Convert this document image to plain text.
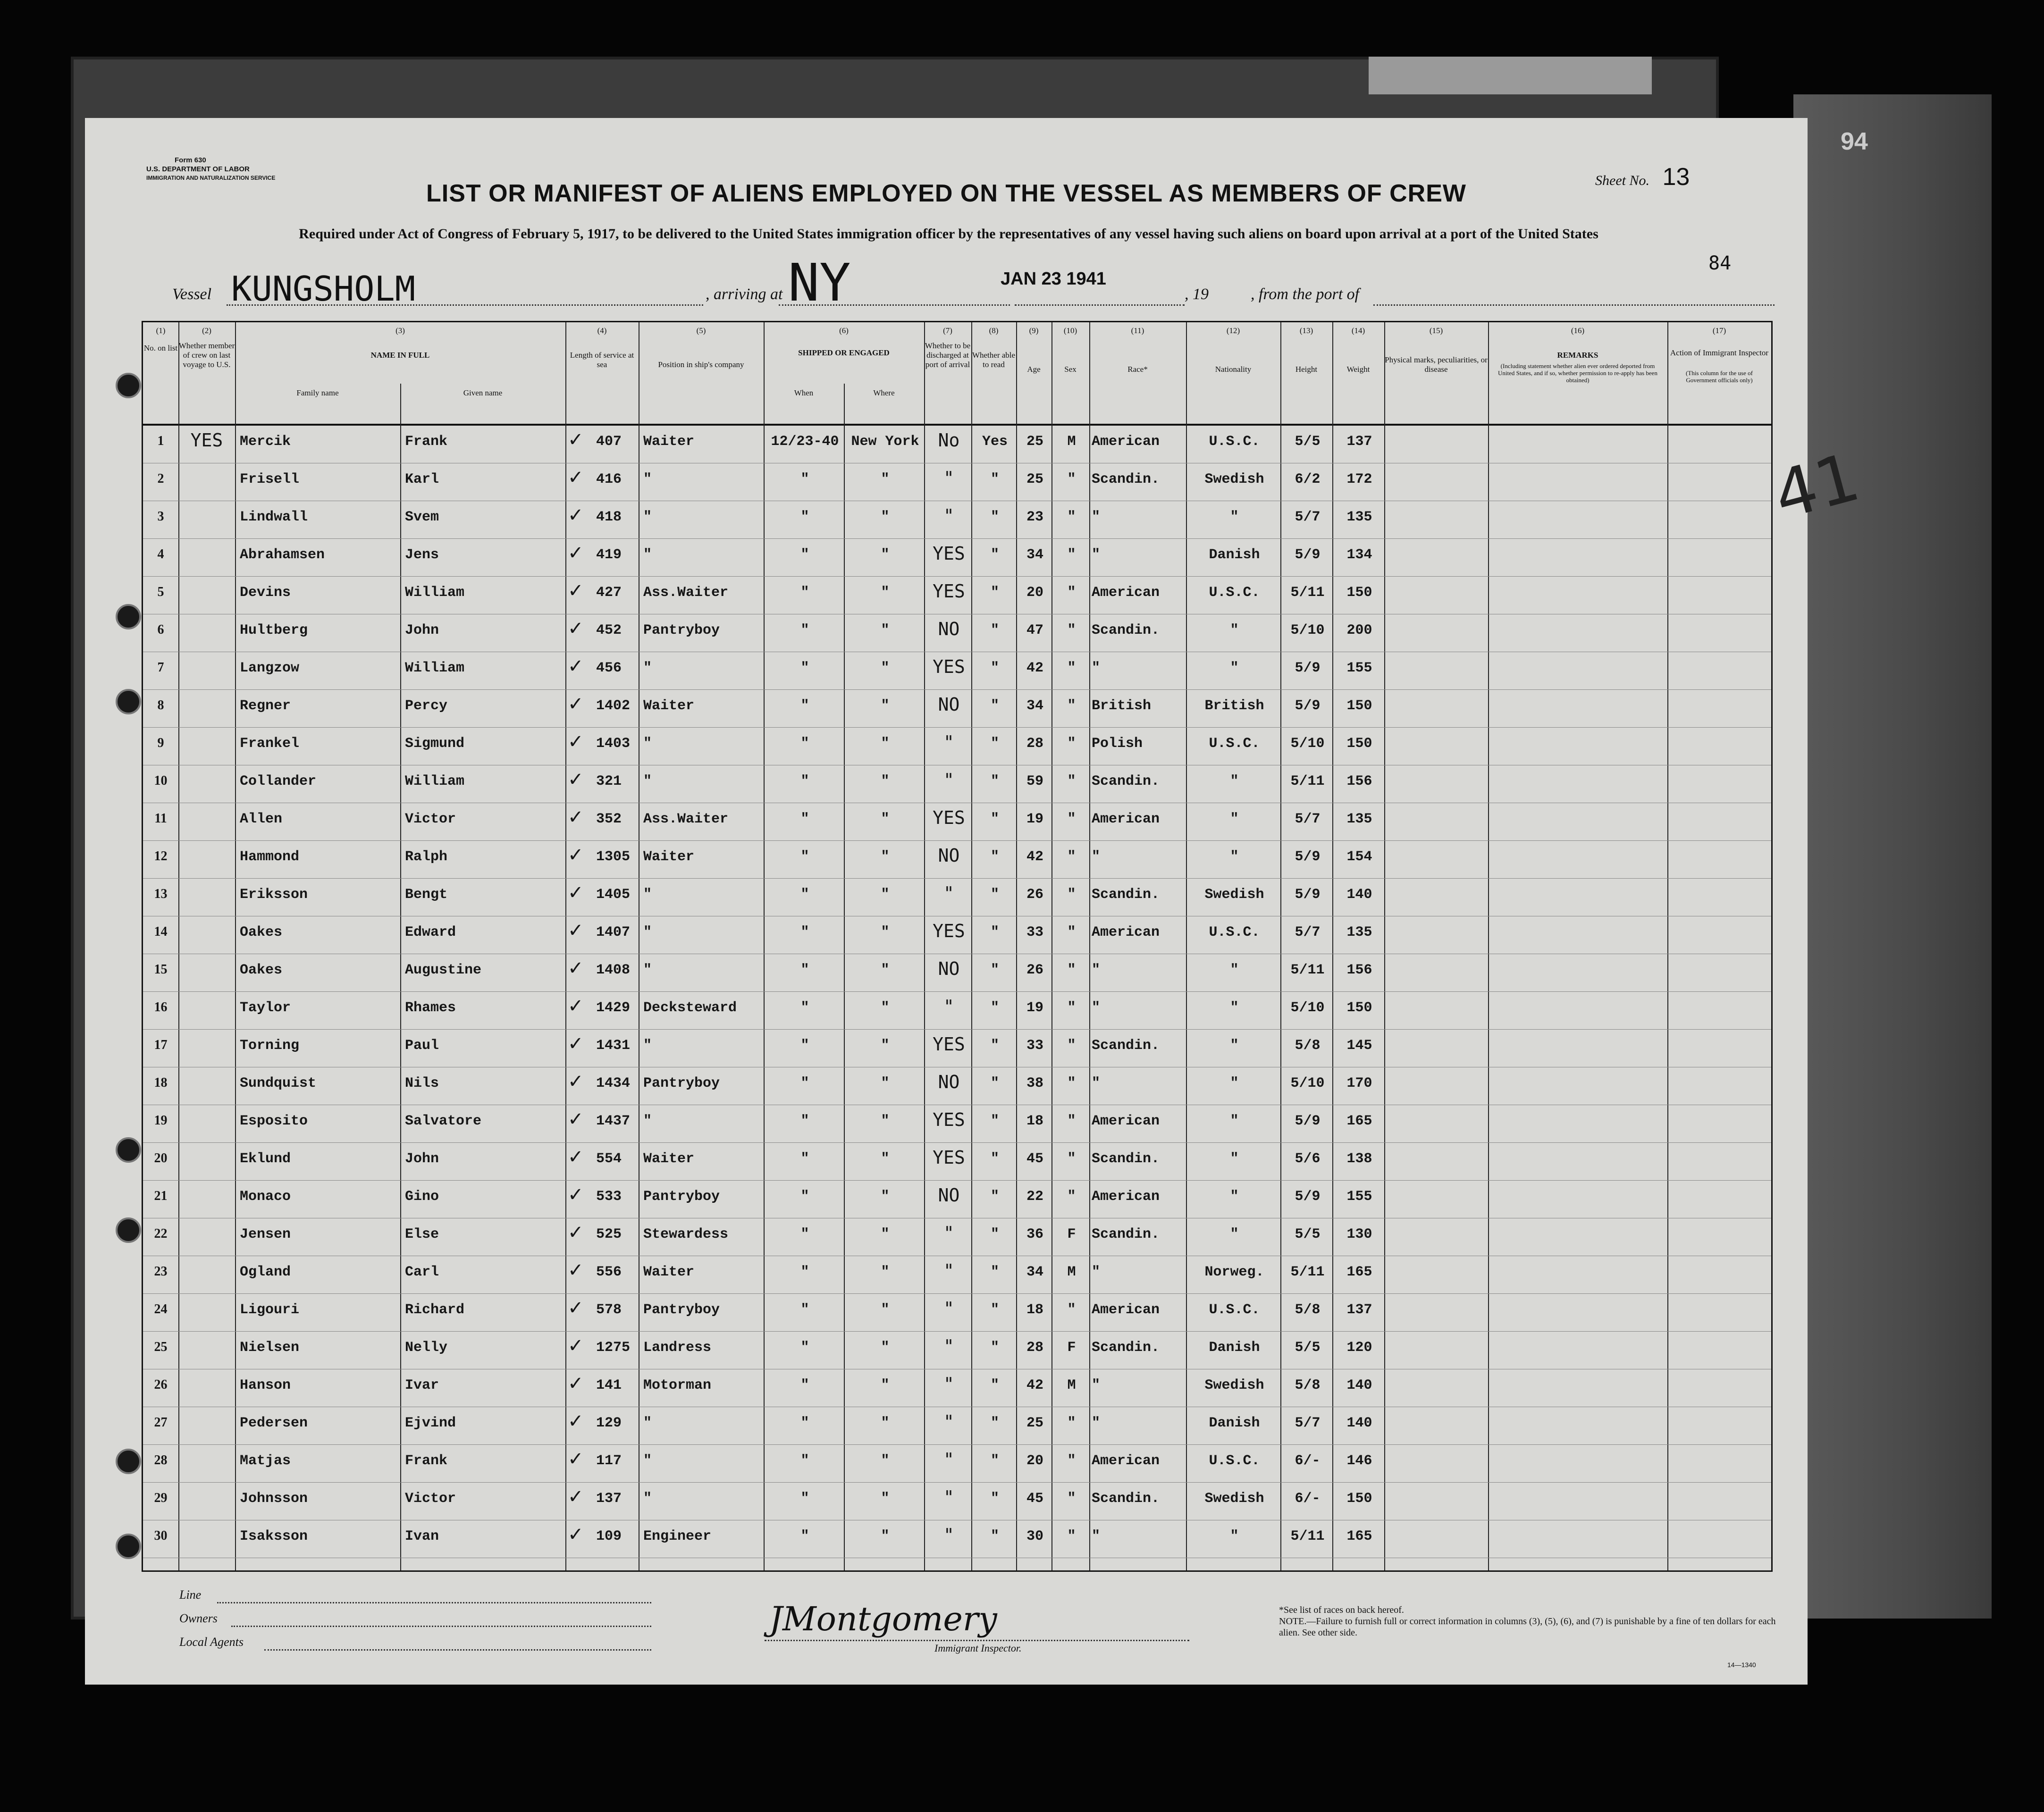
94
Form 630
U.S. DEPARTMENT OF LABOR
IMMIGRATION AND NATURALIZATION SERVICE	Sheet No. 13
LIST OR MANIFEST OF ALIENS EMPLOYED ON THE VESSEL AS MEMBERS OF CREW
Required under Act of Congress of February 5, 1917, to be delivered to the United States immigration officer by the representatives of any vessel having such aliens on board upon arrival at a port of the United States
Vessel KUNGSHOLM	, arriving at NY	JAN 23 1941
, 19	, from the port of
84
(1)	(2)	(3)	(4)	(5)	(6)	(7)	(8)	(9)	(10)	(11)	(12)	(13)	(14)	(15)	(16)	(17)
No. on list Whether member of crew on last voyage to U.S.
NAME IN FULL
Family name	Given name
Length of service at sea	Position in ship's company
SHIPPED OR ENGAGED
When	Where
Whether to be discharged at port of arrival
Whether able to read
Age	Sex	Race*	Nationality	Height	Weight
Physical marks, peculiarities, or disease
REMARKS
(Including statement whether alien ever ordered deported from United States, and if so, whether permission to re-apply has been obtained)
Action of Immigrant Inspector
(This column for the use of Government officials only)
✓
1	YES	Mercik	Frank	407	Waiter	12/23-40 New York	No	Yes	25	M	American	U.S.C.	5/5	137
✓
2	Frisell	Karl	416	"	"	"	"	"	25	"	Scandin.	Swedish	6/2	172
✓
3	Lindwall	Svem	418	"	"	"	"	"	23	"	"	"	5/7	135
✓
4	Abrahamsen	Jens	419	"	"	"	YES	"	34	"	"	Danish	5/9	134
✓
5	Devins	William	427	Ass.Waiter	"	"	YES	"	20	"	American	U.S.C.	5/11	150
✓
6	Hultberg	John	452	Pantryboy	"	"	NO	"	47	"	Scandin.	"	5/10	200
✓
7	Langzow	William	456	"	"	"	YES	"	42	"	"	"	5/9	155
✓
8	Regner	Percy	1402 Waiter	"	"	NO	"	34	"	British	British	5/9	150
✓
9	Frankel	Sigmund	1403 "	"	"	"	"	28	"	Polish	U.S.C.	5/10	150
✓
10	Collander	William	321	"	"	"	"	"	59	"	Scandin.	"	5/11	156
✓
11	Allen	Victor	352	Ass.Waiter	"	"	YES	"	19	"	American	"	5/7	135
✓
12	Hammond	Ralph	1305 Waiter	"	"	NO	"	42	"	"	"	5/9	154
✓
13	Eriksson	Bengt	1405 "	"	"	"	"	26	"	Scandin.	Swedish	5/9	140
✓
14	Oakes	Edward	1407 "	"	"	YES	"	33	"	American	U.S.C.	5/7	135
✓
15	Oakes	Augustine	1408 "	"	"	NO	"	26	"	"	"	5/11	156
✓
16	Taylor	Rhames	1429 Decksteward	"	"	"	"	19	"	"	"	5/10	150
✓
17	Torning	Paul	1431 "	"	"	YES	"	33	"	Scandin.	"	5/8	145
✓
18	Sundquist	Nils	1434 Pantryboy	"	"	NO	"	38	"	"	"	5/10	170
✓
19	Esposito	Salvatore	1437 "	"	"	YES	"	18	"	American	"	5/9	165
✓
20	Eklund	John	554	Waiter	"	"	YES	"	45	"	Scandin.	"	5/6	138
✓
21	Monaco	Gino	533	Pantryboy	"	"	NO	"	22	"	American	"	5/9	155
✓
22	Jensen	Else	525	Stewardess	"	"	"	"	36	F	Scandin.	"	5/5	130
✓
23	Ogland	Carl	556	Waiter	"	"	"	"	34	M	"	Norweg.	5/11	165
✓
24	Ligouri	Richard	578	Pantryboy	"	"	"	"	18	"	American	U.S.C.	5/8	137
✓
25	Nielsen	Nelly	1275 Landress	"	"	"	"	28	F	Scandin.	Danish	5/5	120
✓
26	Hanson	Ivar	141	Motorman	"	"	"	"	42	M	"	Swedish	5/8	140
✓
27	Pedersen	Ejvind	129	"	"	"	"	"	25	"	"	Danish	5/7	140
✓
28	Matjas	Frank	117	"	"	"	"	"	20	"	American	U.S.C.	6/-	146
✓
29	Johnsson	Victor	137	"	"	"	"	"	45	"	Scandin.	Swedish	6/-	150
✓
30	Isaksson	Ivan	109	Engineer	"	"	"	"	30	"	"	"	5/11	165
41
Line
Owners
Local Agents
JMontgomery
Immigrant Inspector.
*See list of races on back hereof.
NOTE.—Failure to furnish full or correct information in columns (3), (5), (6), and (7) is punishable by a fine of ten dollars for each alien. See other side.
14—1340
